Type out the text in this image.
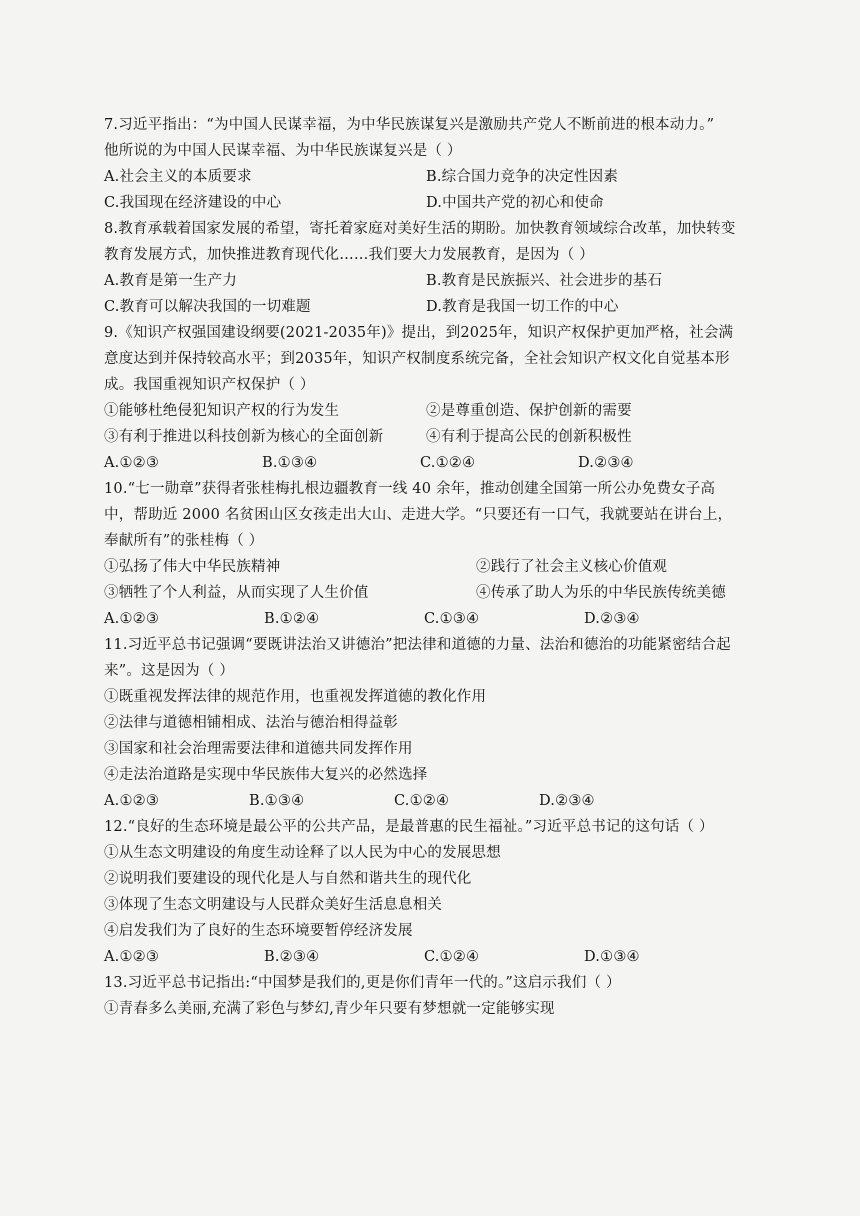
7.习近平指出：“为中国人民谋幸福，为中华民族谋复兴是激励共产党人不断前进的根本动力。”
他所说的为中国人民谋幸福、为中华民族谋复兴是（ ）
A.社会主义的本质要求	B.综合国力竞争的决定性因素
C.我国现在经济建设的中心	D.中国共产党的初心和使命
8.教育承载着国家发展的希望，寄托着家庭对美好生活的期盼。加快教育领域综合改革，加快转变
教育发展方式，加快推进教育现代化……我们要大力发展教育，是因为（ ）
A.教育是第一生产力	B.教育是民族振兴、社会进步的基石
C.教育可以解决我国的一切难题	D.教育是我国一切工作的中心
9.《知识产权强国建设纲要(2021-2035年)》提出，到2025年，知识产权保护更加严格，社会满
意度达到并保持较高水平；到2035年，知识产权制度系统完备，全社会知识产权文化自觉基本形
成。我国重视知识产权保护（ ）
①能够杜绝侵犯知识产权的行为发生	②是尊重创造、保护创新的需要
③有利于推进以科技创新为核心的全面创新	④有利于提高公民的创新积极性
A.①②③	B.①③④	C.①②④	D.②③④
10.“七一勋章”获得者张桂梅扎根边疆教育一线 40 余年，推动创建全国第一所公办免费女子高
中，帮助近 2000 名贫困山区女孩走出大山、走进大学。“只要还有一口气，我就要站在讲台上，
奉献所有”的张桂梅（ ）
①弘扬了伟大中华民族精神	②践行了社会主义核心价值观
③牺牲了个人利益，从而实现了人生价值	④传承了助人为乐的中华民族传统美德
A.①②③	B.①②④	C.①③④	D.②③④
11.习近平总书记强调“要既讲法治又讲德治”把法律和道德的力量、法治和德治的功能紧密结合起
来”。这是因为（ ）
①既重视发挥法律的规范作用，也重视发挥道德的教化作用
②法律与道德相铺相成、法治与德治相得益彰
③国家和社会治理需要法律和道德共同发挥作用
④走法治道路是实现中华民族伟大复兴的必然选择
A.①②③	B.①③④	C.①②④	D.②③④
12.“良好的生态环境是最公平的公共产品，是最普惠的民生福祉。”习近平总书记的这句话（ ）
①从生态文明建设的角度生动诠释了以人民为中心的发展思想
②说明我们要建设的现代化是人与自然和谐共生的现代化
③体现了生态文明建设与人民群众美好生活息息相关
④启发我们为了良好的生态环境要暂停经济发展
A.①②③	B.②③④	C.①②④	D.①③④
13.习近平总书记指出:“中国梦是我们的,更是你们青年一代的。”这启示我们（ ）
①青春多么美丽,充满了彩色与梦幻,青少年只要有梦想就一定能够实现
